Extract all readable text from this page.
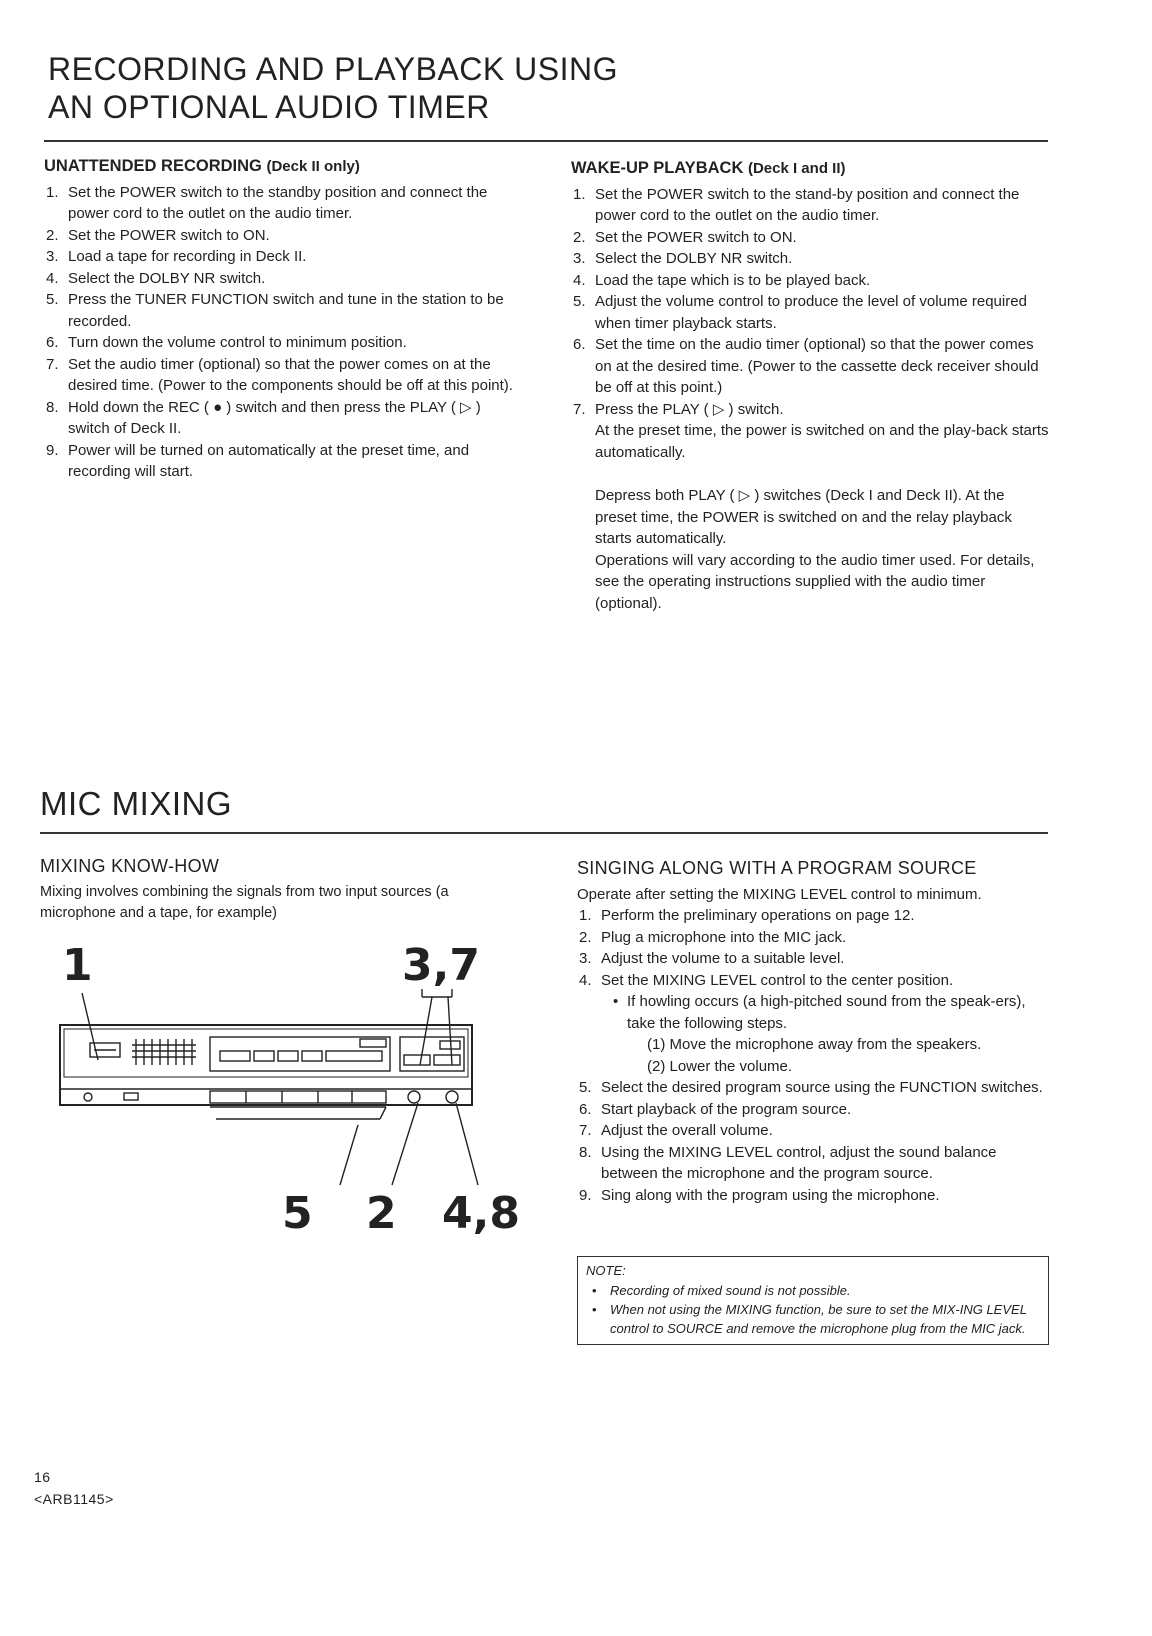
RECORDING AND PLAYBACK USING
AN OPTIONAL AUDIO TIMER
UNATTENDED RECORDING (Deck II only)
1. Set the POWER switch to the standby position and connect the power cord to the outlet on the audio timer.
2. Set the POWER switch to ON.
3. Load a tape for recording in Deck II.
4. Select the DOLBY NR switch.
5. Press the TUNER FUNCTION switch and tune in the station to be recorded.
6. Turn down the volume control to minimum position.
7. Set the audio timer (optional) so that the power comes on at the desired time. (Power to the components should be off at this point).
8. Hold down the REC ( ● ) switch and then press the PLAY ( ▷ ) switch of Deck II.
9. Power will be turned on automatically at the preset time, and recording will start.
WAKE-UP PLAYBACK (Deck I and II)
1. Set the POWER switch to the stand-by position and connect the power cord to the outlet on the audio timer.
2. Set the POWER switch to ON.
3. Select the DOLBY NR switch.
4. Load the tape which is to be played back.
5. Adjust the volume control to produce the level of volume required when timer playback starts.
6. Set the time on the audio timer (optional) so that the power comes on at the desired time. (Power to the cassette deck receiver should be off at this point.)
7. Press the PLAY ( ▷ ) switch.

At the preset time, the power is switched on and the play-back starts automatically.

Depress both PLAY ( ▷ ) switches (Deck I and Deck II). At the preset time, the POWER is switched on and the relay playback starts automatically.

Operations will vary according to the audio timer used. For details, see the operating instructions supplied with the audio timer (optional).

MIC MIXING
MIXING KNOW-HOW

Mixing involves combining the signals from two input sources (a microphone and a tape, for example)

1	3,7
5 2 4,8
SINGING ALONG WITH A PROGRAM SOURCE

Operate after setting the MIXING LEVEL control to minimum.

1. Perform the preliminary operations on page 12.
2. Plug a microphone into the MIC jack.
3. Adjust the volume to a suitable level.
4. Set the MIXING LEVEL control to the center position.
• If howling occurs (a high-pitched sound from the speak-ers), take the following steps.
(1) Move the microphone away from the speakers.
(2) Lower the volume.
5. Select the desired program source using the FUNCTION switches.
6. Start playback of the program source.
7. Adjust the overall volume.
8. Using the MIXING LEVEL control, adjust the sound balance between the microphone and the program source.
9. Sing along with the program using the microphone.
NOTE:
• Recording of mixed sound is not possible.
• When not using the MIXING function, be sure to set the MIX-ING LEVEL control to SOURCE and remove the microphone plug from the MIC jack.
16
<ARB1145>
